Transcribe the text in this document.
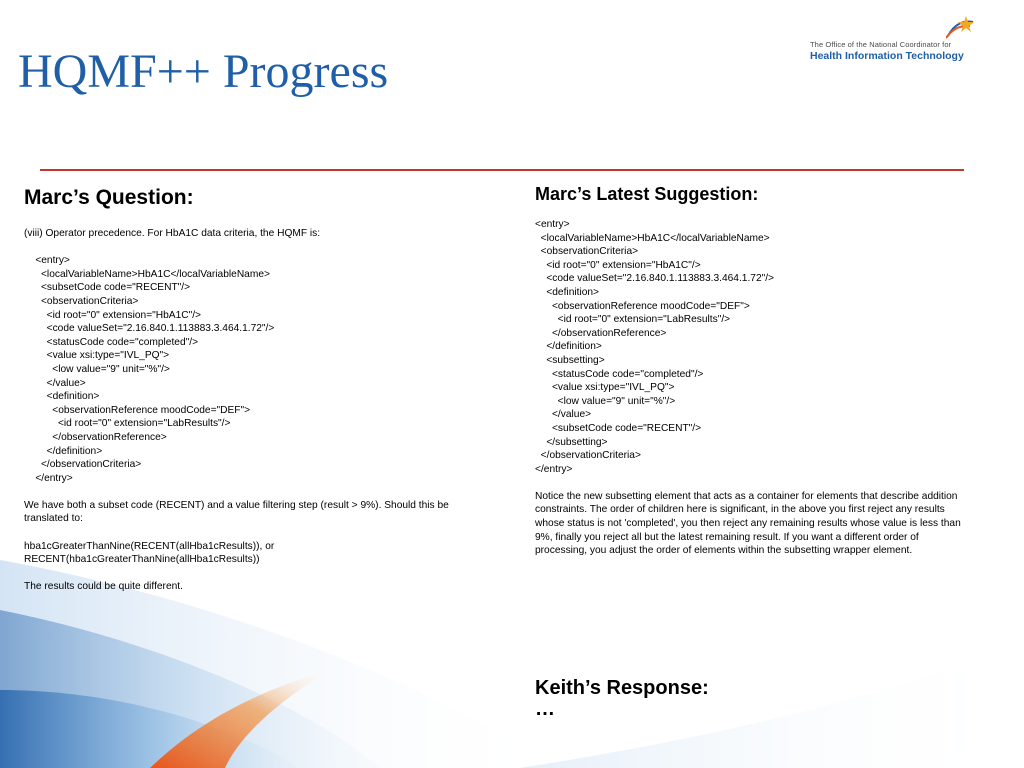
HQMF++ Progress
The Office of the National Coordinator for
Health Information Technology
Marc’s Question:

(viii) Operator precedence. For HbA1C data criteria, the HQMF is:

<entry>
<localVariableName>HbA1C</localVariableName>
<subsetCode code="RECENT"/>
<observationCriteria>
<id root="0" extension="HbA1C"/>
<code valueSet="2.16.840.1.113883.3.464.1.72"/>
<statusCode code="completed"/>
<value xsi:type="IVL_PQ">
<low value="9" unit="%"/>
</value>
<definition>
<observationReference moodCode="DEF">
<id root="0" extension="LabResults"/>
</observationReference>
</definition>
</observationCriteria>
</entry>

We have both a subset code (RECENT) and a value filtering step (result > 9%). Should this be translated to:

hba1cGreaterThanNine(RECENT(allHba1cResults)), or RECENT(hba1cGreaterThanNine(allHba1cResults))

The results could be quite different.

Marc’s Latest Suggestion:
<entry>
<localVariableName>HbA1C</localVariableName>
<observationCriteria>
<id root="0" extension="HbA1C"/>
<code valueSet="2.16.840.1.113883.3.464.1.72"/>
<definition>
<observationReference moodCode="DEF">
<id root="0" extension="LabResults"/>
</observationReference>
</definition>
<subsetting>
<statusCode code="completed"/>
<value xsi:type="IVL_PQ">
<low value="9" unit="%"/>
</value>
<subsetCode code="RECENT"/>
</subsetting>
</observationCriteria>
</entry>

Notice the new subsetting element that acts as a container for elements that describe addition constraints. The order of children here is significant, in the above you first reject any results whose status is not 'completed', you then reject any remaining results whose value is less than 9%, finally you reject all but the latest remaining result. If you want a different order of processing, you adjust the order of elements within the subsetting wrapper element.

Keith’s Response:
…
